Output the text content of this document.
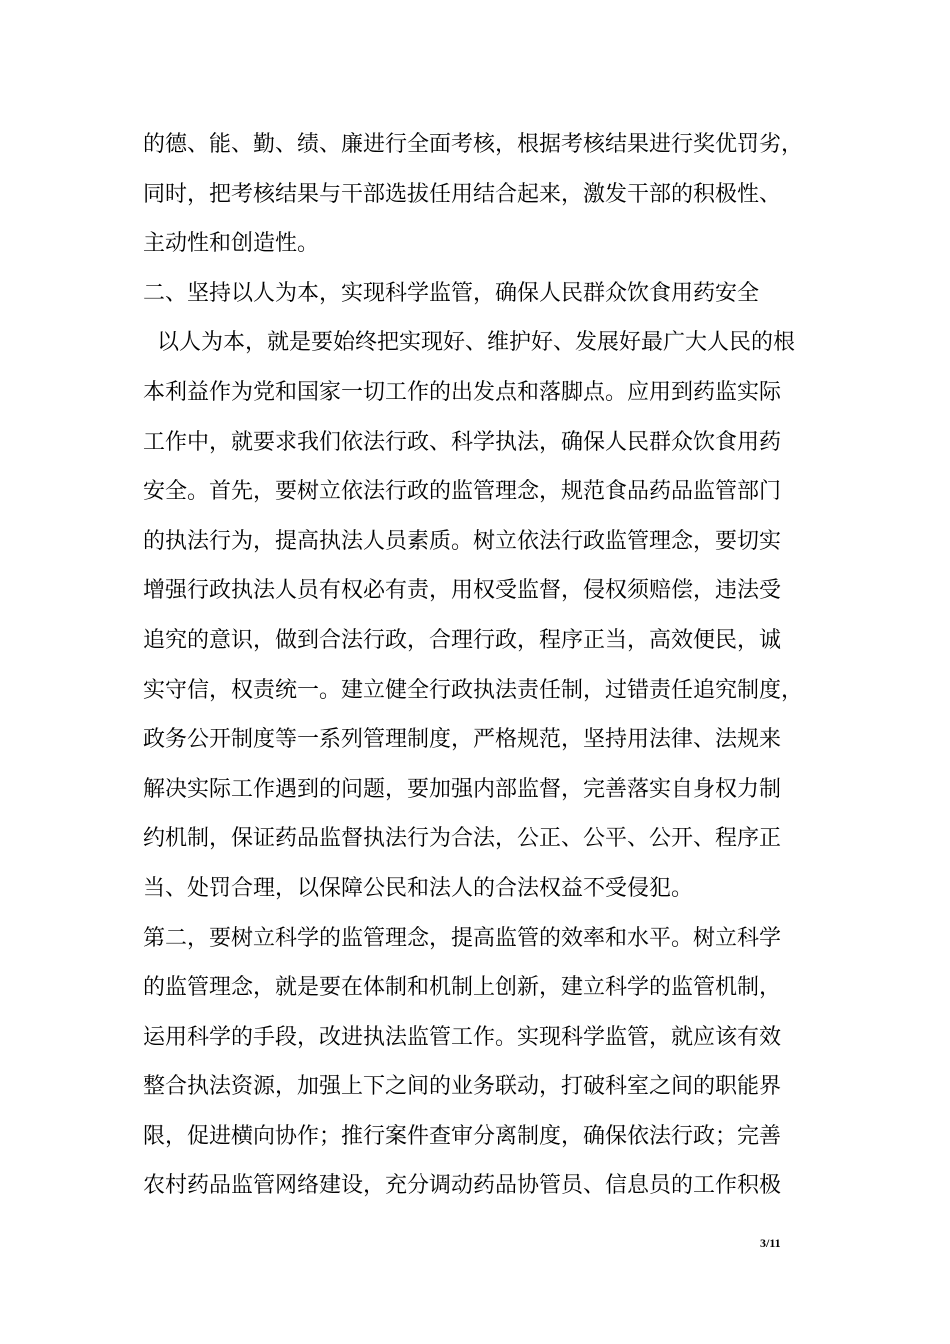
的德、能、勤、绩、廉进行全面考核，根据考核结果进行奖优罚劣，
同时，把考核结果与干部选拔任用结合起来，激发干部的积极性、
主动性和创造性。
二、坚持以人为本，实现科学监管，确保人民群众饮食用药安全
以人为本，就是要始终把实现好、维护好、发展好最广大人民的根
本利益作为党和国家一切工作的出发点和落脚点。应用到药监实际
工作中，就要求我们依法行政、科学执法，确保人民群众饮食用药
安全。首先，要树立依法行政的监管理念，规范食品药品监管部门
的执法行为，提高执法人员素质。树立依法行政监管理念，要切实
增强行政执法人员有权必有责，用权受监督，侵权须赔偿，违法受
追究的意识，做到合法行政，合理行政，程序正当，高效便民，诚
实守信，权责统一。建立健全行政执法责任制，过错责任追究制度，
政务公开制度等一系列管理制度，严格规范，坚持用法律、法规来
解决实际工作遇到的问题，要加强内部监督，完善落实自身权力制
约机制，保证药品监督执法行为合法，公正、公平、公开、程序正
当、处罚合理，以保障公民和法人的合法权益不受侵犯。
第二，要树立科学的监管理念，提高监管的效率和水平。树立科学
的监管理念，就是要在体制和机制上创新，建立科学的监管机制，
运用科学的手段，改进执法监管工作。实现科学监管，就应该有效
整合执法资源，加强上下之间的业务联动，打破科室之间的职能界
限，促进横向协作；推行案件查审分离制度，确保依法行政；完善
农村药品监管网络建设，充分调动药品协管员、信息员的工作积极
3/11
